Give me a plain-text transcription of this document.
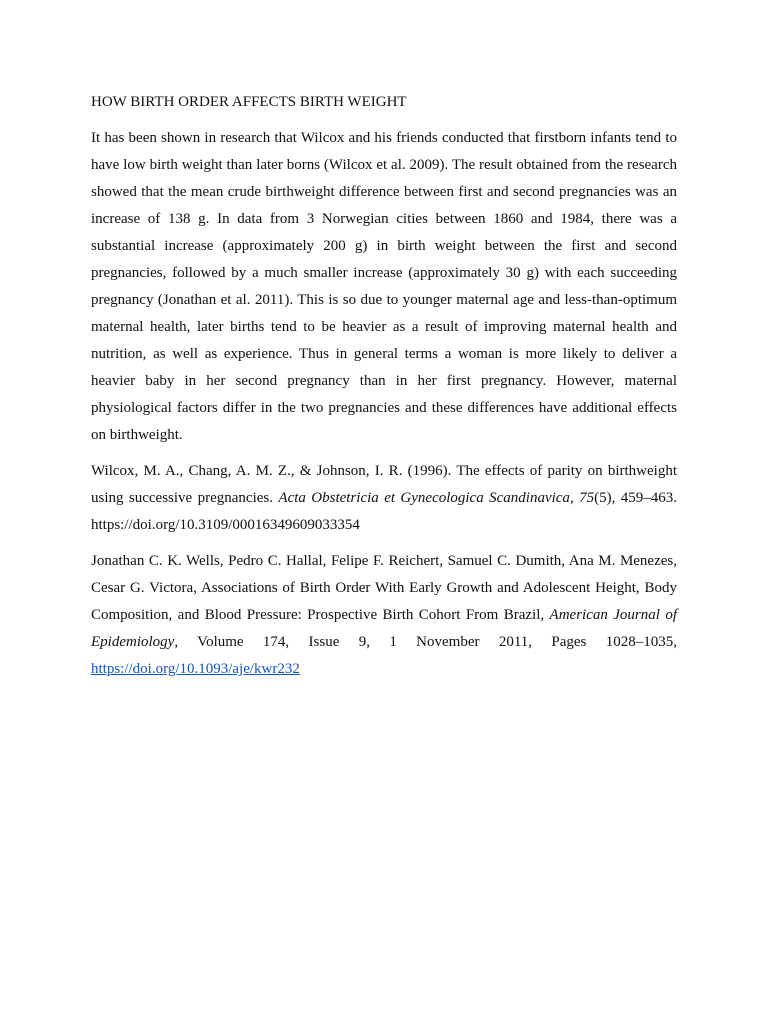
HOW BIRTH ORDER AFFECTS BIRTH WEIGHT

It has been shown in research that Wilcox and his friends conducted that firstborn infants tend to have low birth weight than later borns (Wilcox et al. 2009). The result obtained from the research showed that the mean crude birthweight difference between first and second pregnancies was an increase of 138 g. In data from 3 Norwegian cities between 1860 and 1984, there was a substantial increase (approximately 200 g) in birth weight between the first and second pregnancies, followed by a much smaller increase (approximately 30 g) with each succeeding pregnancy (Jonathan et al. 2011). This is so due to younger maternal age and less-than-optimum maternal health, later births tend to be heavier as a result of improving maternal health and nutrition, as well as experience. Thus in general terms a woman is more likely to deliver a heavier baby in her second pregnancy than in her first pregnancy. However, maternal physiological factors differ in the two pregnancies and these differences have additional effects on birthweight.

Wilcox, M. A., Chang, A. M. Z., & Johnson, I. R. (1996). The effects of parity on birthweight using successive pregnancies. Acta Obstetricia et Gynecologica Scandinavica, 75(5), 459–463. https://doi.org/10.3109/00016349609033354

Jonathan C. K. Wells, Pedro C. Hallal, Felipe F. Reichert, Samuel C. Dumith, Ana M. Menezes, Cesar G. Victora, Associations of Birth Order With Early Growth and Adolescent Height, Body Composition, and Blood Pressure: Prospective Birth Cohort From Brazil, American Journal of Epidemiology, Volume 174, Issue 9, 1 November 2011, Pages 1028–1035, https://doi.org/10.1093/aje/kwr232
